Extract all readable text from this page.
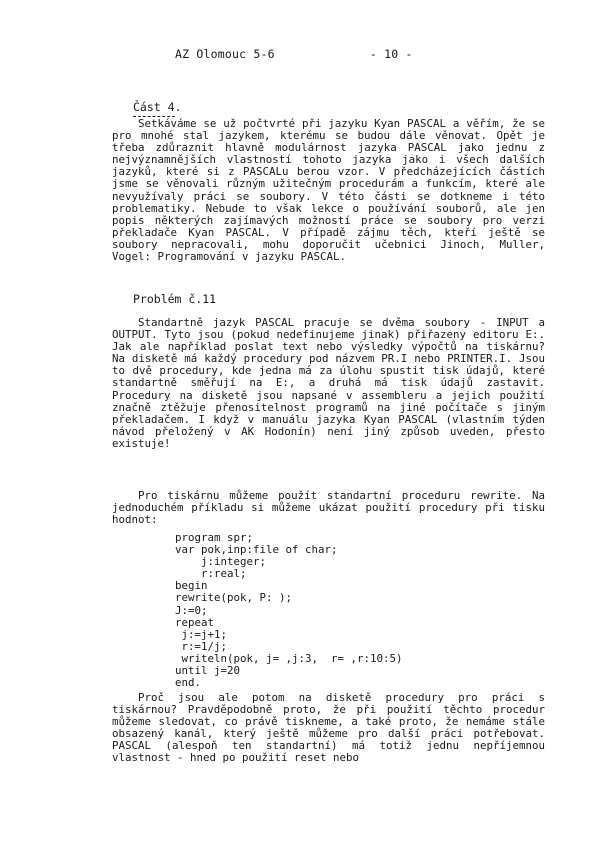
AZ Olomouc 5-6	- 10 -
Část 4.

Setkáváme se už počtvrté při jazyku Kyan PASCAL a věřím, že se pro mnohé stal jazykem, kterému se budou dále věnovat. Opět je třeba zdůraznit hlavně modulárnost jazyka PASCAL jako jednu z nejvýznamnějších vlastností tohoto jazyka jako i všech dalších jazyků, které si z PASCALu berou vzor. V předcházejících částích jsme se věnovali různým užitečným procedurám a funkcím, které ale nevyužívaly práci se soubory. V této části se dotkneme i této problematiky. Nebude to však lekce o používání souborů, ale jen popis některých zajímavých možností práce se soubory pro verzi překladače Kyan PASCAL. V případě zájmu těch, kteří ještě se soubory nepracovali, mohu doporučit učebnici Jinoch, Muller, Vogel: Programování v jazyku PASCAL.

Problém č.11

Standartně jazyk PASCAL pracuje se dvěma soubory - INPUT a OUTPUT. Tyto jsou (pokud nedefinujeme jinak) přiřazeny editoru E:. Jak ale například poslat text nebo výsledky výpočtů na tiskárnu? Na disketě má každý procedury pod názvem PR.I nebo PRINTER.I. Jsou to dvě procedury, kde jedna má za úlohu spustit tisk údajů, které standartně směřují na E:, a druhá má tisk údajů zastavit. Procedury na disketě jsou napsané v assembleru a jejich použití značně ztěžuje přenositelnost programů na jiné počítače s jiným překladačem. I když v manuálu jazyka Kyan PASCAL (vlastním týden návod přeložený v AK Hodonín) není jiný způsob uveden, přesto existuje!

Pro tiskárnu můžeme použít standartní proceduru rewrite. Na jednoduchém příkladu si můžeme ukázat použití procedury při tisku hodnot:

program spr;
var pok,inp:file of char;
j:integer;
r:real;
begin
rewrite(pok, P: );
J:=0;
repeat
j:=j+1;
r:=1/j;
writeln(pok, j= ,j:3,  r= ,r:10:5)
until j=20
end.

Proč jsou ale potom na disketě procedury pro práci s tiskárnou? Pravděpodobně proto, že při použití těchto procedur můžeme sledovat, co právě tiskneme, a také proto, že nemáme stále obsazený kanál, který ještě můžeme pro další práci potřebovat. PASCAL (alespoň ten standartní) má totiž jednu nepříjemnou vlastnost - hned po použití reset nebo
